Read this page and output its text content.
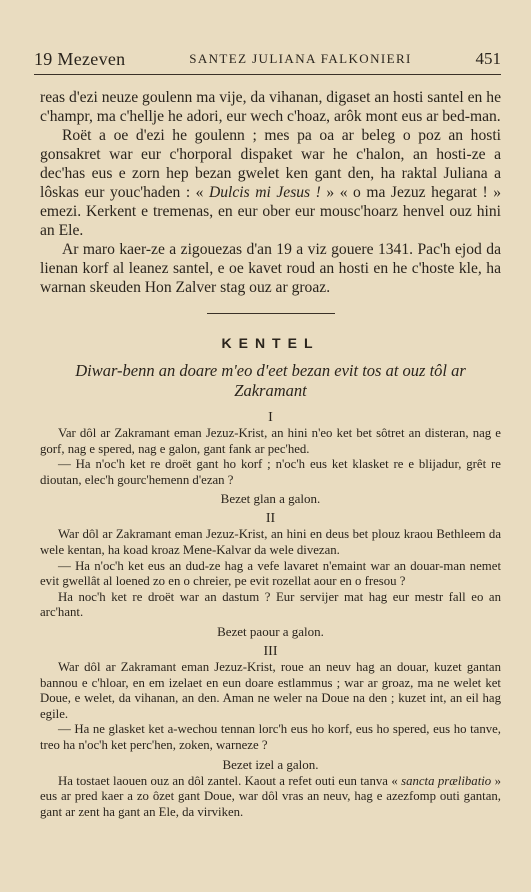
19 Mezeven	SANTEZ JULIANA FALKONIERI	451

reas d'ezi neuze goulenn ma vije, da vihanan, digaset an hosti santel en he c'hampr, ma c'hellje he adori, eur wech c'hoaz, arôk mont eus ar bed-man.

Roët a oe d'ezi he goulenn ; mes pa oa ar beleg o poz an hosti gonsakret war eur c'horporal dispaket war he c'halon, an hosti-ze a dec'has eus e zorn hep bezan gwelet ken gant den, ha raktal Juliana a lôskas eur youc'haden : « Dulcis mi Jesus ! » « o ma Jezuz hegarat ! » emezi. Kerkent e tremenas, en eur ober eur mousc'hoarz henvel ouz hini an Ele.

Ar maro kaer-ze a zigouezas d'an 19 a viz gouere 1341. Pac'h ejod da lienan korf al leanez santel, e oe kavet roud an hosti en he c'hoste kle, ha warnan skeuden Hon Zalver stag ouz ar groaz.

KENTEL
Diwar-benn an doare m'eo d'eet bezan evit tos at ouz tôl ar Zakramant
I

Var dôl ar Zakramant eman Jezuz-Krist, an hini n'eo ket bet sôtret an disteran, nag e gorf, nag e spered, nag e galon, gant fank ar pec'hed.

— Ha n'oc'h ket re droët gant ho korf ; n'oc'h eus ket klasket re e blijadur, grêt re dioutan, elec'h gourc'hemenn d'ezan ?

Bezet glan a galon.
II

War dôl ar Zakramant eman Jezuz-Krist, an hini en deus bet plouz kraou Bethleem da wele kentan, ha koad kroaz Mene-Kalvar da wele divezan.

— Ha n'oc'h ket eus an dud-ze hag a vefe lavaret n'emaint war an douar-man nemet evit gwellât al loened zo en o chreier, pe evit rozellat aour en o fresou ?

Ha noc'h ket re droët war an dastum ? Eur servijer mat hag eur mestr fall eo an arc'hant.

Bezet paour a galon.
III

War dôl ar Zakramant eman Jezuz-Krist, roue an neuv hag an douar, kuzet gantan bannou e c'hloar, en em izelaet en eun doare estlammus ; war ar groaz, ma ne welet ket Doue, e welet, da vihanan, an den. Aman ne weler na Doue na den ; kuzet int, an eil hag egile.

— Ha ne glasket ket a-wechou tennan lorc'h eus ho korf, eus ho spered, eus ho tanve, treo ha n'oc'h ket perc'hen, zoken, warneze ?

Bezet izel a galon.

Ha tostaet laouen ouz an dôl zantel. Kaout a refet outi eun tanva « sancta prælibatio » eus ar pred kaer a zo ôzet gant Doue, war dôl vras an neuv, hag e azezfomp outi gantan, gant ar zent ha gant an Ele, da virviken.
